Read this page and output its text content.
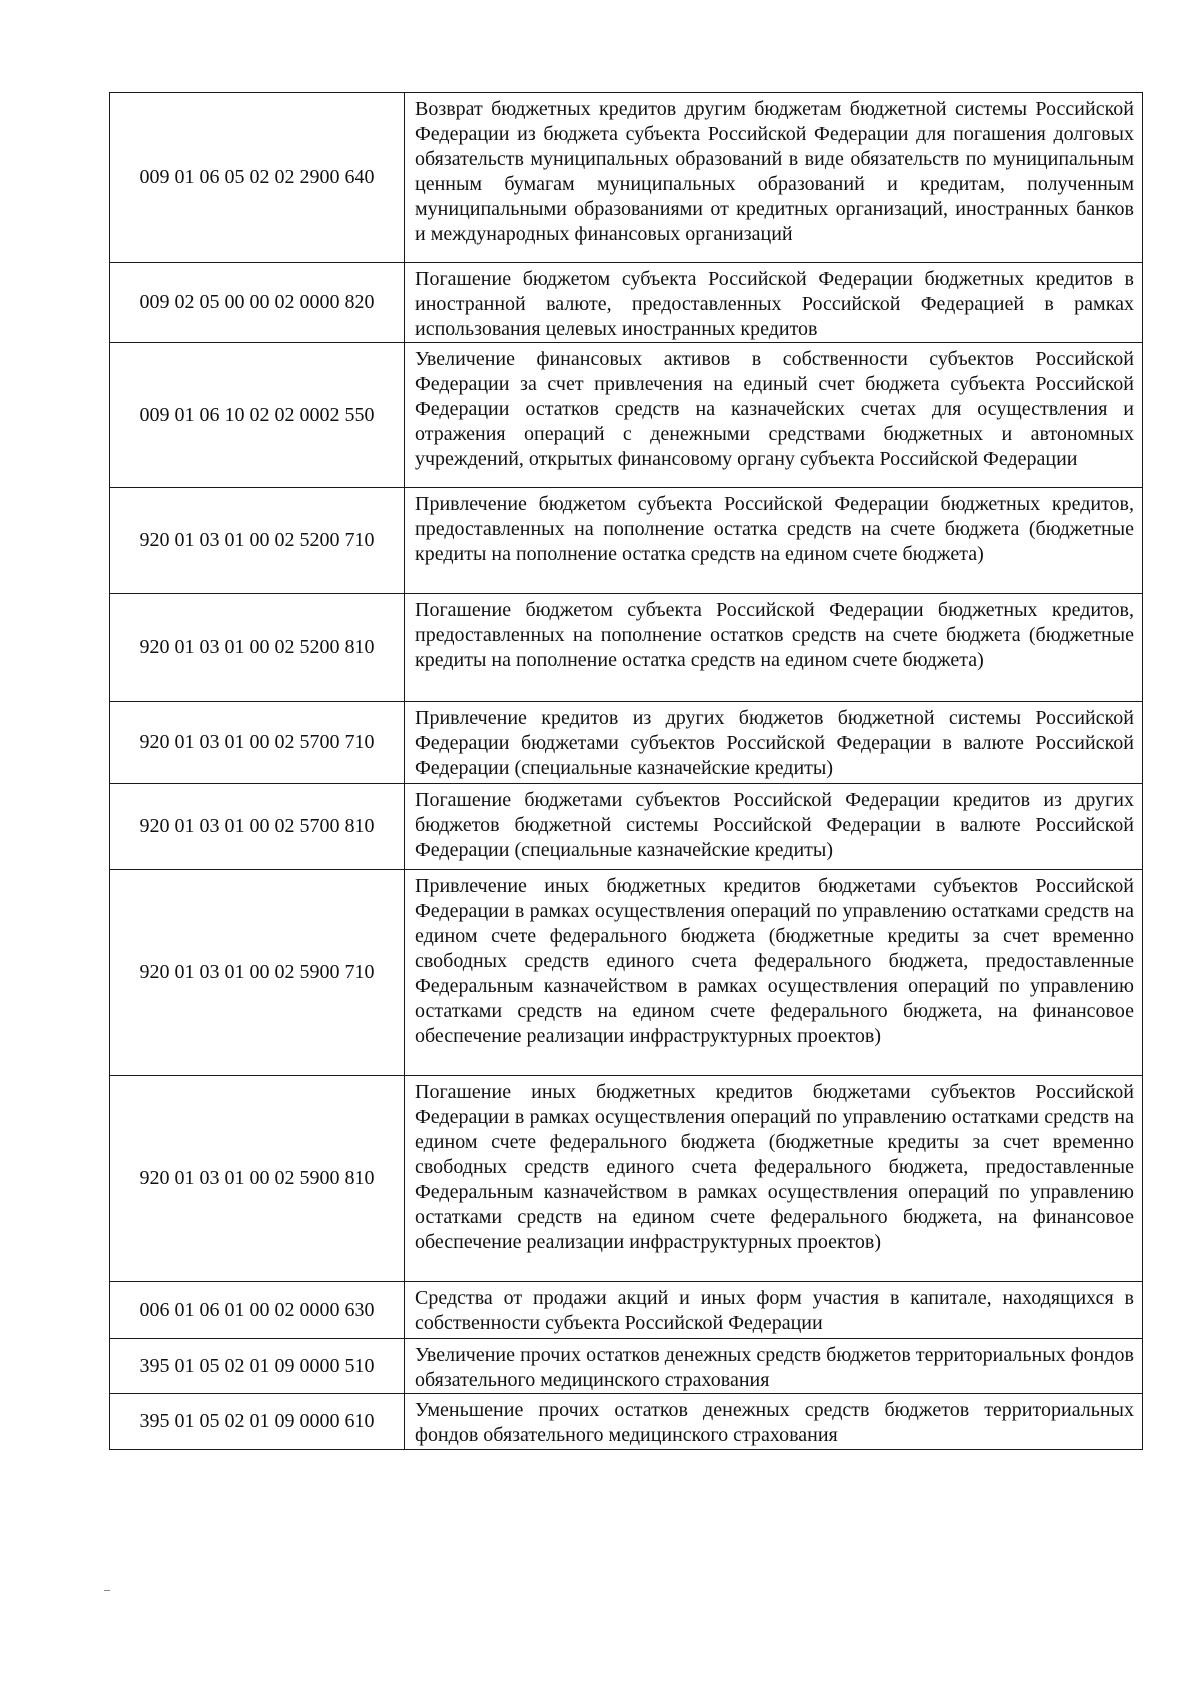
009 01 06 05 02 02 2900 640	Возврат бюджетных кредитов другим бюджетам бюджетной системы Российской Федерации из бюджета субъекта Российской Федерации для погашения долговых обязательств муниципальных образований в виде обязательств по муниципальным ценным бумагам муниципальных образований и кредитам, полученным муниципальными образованиями от кредитных организаций, иностранных банков и международных финансовых организаций

009 02 05 00 00 02 0000 820	Погашение бюджетом субъекта Российской Федерации бюджетных кредитов в иностранной валюте, предоставленных Российской Федерацией в рамках использования целевых иностранных кредитов

009 01 06 10 02 02 0002 550	Увеличение финансовых активов в собственности субъектов Российской Федерации за счет привлечения на единый счет бюджета субъекта Российской Федерации остатков средств на казначейских счетах для осуществления и отражения операций с денежными средствами бюджетных и автономных учреждений, открытых финансовому органу субъекта Российской Федерации

920 01 03 01 00 02 5200 710	Привлечение бюджетом субъекта Российской Федерации бюджетных кредитов, предоставленных на пополнение остатка средств на счете бюджета (бюджетные кредиты на пополнение остатка средств на едином счете бюджета)

920 01 03 01 00 02 5200 810	Погашение бюджетом субъекта Российской Федерации бюджетных кредитов, предоставленных на пополнение остатков средств на счете бюджета (бюджетные кредиты на пополнение остатка средств на едином счете бюджета)

920 01 03 01 00 02 5700 710	Привлечение кредитов из других бюджетов бюджетной системы Российской Федерации бюджетами субъектов Российской Федерации в валюте Российской Федерации (специальные казначейские кредиты)

920 01 03 01 00 02 5700 810	Погашение бюджетами субъектов Российской Федерации кредитов из других бюджетов бюджетной системы Российской Федерации в валюте Российской Федерации (специальные казначейские кредиты)

920 01 03 01 00 02 5900 710	Привлечение иных бюджетных кредитов бюджетами субъектов Российской Федерации в рамках осуществления операций по управлению остатками средств на едином счете федерального бюджета (бюджетные кредиты за счет временно свободных средств единого счета федерального бюджета, предоставленные Федеральным казначейством в рамках осуществления операций по управлению остатками средств на едином счете федерального бюджета, на финансовое обеспечение реализации инфраструктурных проектов)

920 01 03 01 00 02 5900 810	Погашение иных бюджетных кредитов бюджетами субъектов Российской Федерации в рамках осуществления операций по управлению остатками средств на едином счете федерального бюджета (бюджетные кредиты за счет временно свободных средств единого счета федерального бюджета, предоставленные Федеральным казначейством в рамках осуществления операций по управлению остатками средств на едином счете федерального бюджета, на финансовое обеспечение реализации инфраструктурных проектов)

006 01 06 01 00 02 0000 630	Средства от продажи акций и иных форм участия в капитале, находящихся в собственности субъекта Российской Федерации

395 01 05 02 01 09 0000 510	Увеличение прочих остатков денежных средств бюджетов территориальных фондов обязательного медицинского страхования

395 01 05 02 01 09 0000 610	Уменьшение прочих остатков денежных средств бюджетов территориальных фондов обязательного медицинского страхования
